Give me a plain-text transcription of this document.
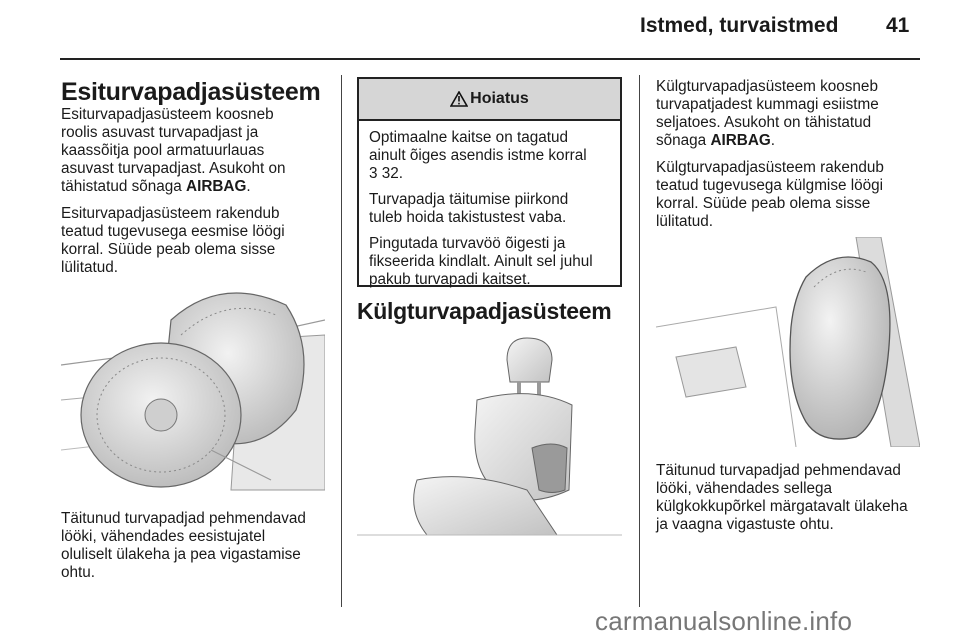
Istmed, turvaistmed 41
Esiturvapadjasüsteem

Esiturvapadjasüsteem koosneb
roolis asuvast turvapadjast ja
kaassõitja pool armatuurlauas
asuvast turvapadjast. Asukoht on
tähistatud sõnaga AIRBAG.

Esiturvapadjasüsteem rakendub
teatud tugevusega eesmise löögi
korral. Süüde peab olema sisse
lülitatud.

Täitunud turvapadjad pehmendavad
lööki, vähendades eesistujatel
oluliselt ülakeha ja pea vigastamise
ohtu.

Hoiatus

Optimaalne kaitse on tagatud
ainult õiges asendis istme korral
3 32.

Turvapadja täitumise piirkond
tuleb hoida takistustest vaba.

Pingutada turvavöö õigesti ja
fikseerida kindlalt. Ainult sel juhul
pakub turvapadi kaitset.

Külgturvapadjasüsteem

Külgturvapadjasüsteem koosneb
turvapatjadest kummagi esiistme
seljatoes. Asukoht on tähistatud
sõnaga AIRBAG.

Külgturvapadjasüsteem rakendub
teatud tugevusega külgmise löögi
korral. Süüde peab olema sisse
lülitatud.

Täitunud turvapadjad pehmendavad
lööki, vähendades sellega
külgkokkupõrkel märgatavalt ülakeha
ja vaagna vigastuste ohtu.

carmanualsonline.info
